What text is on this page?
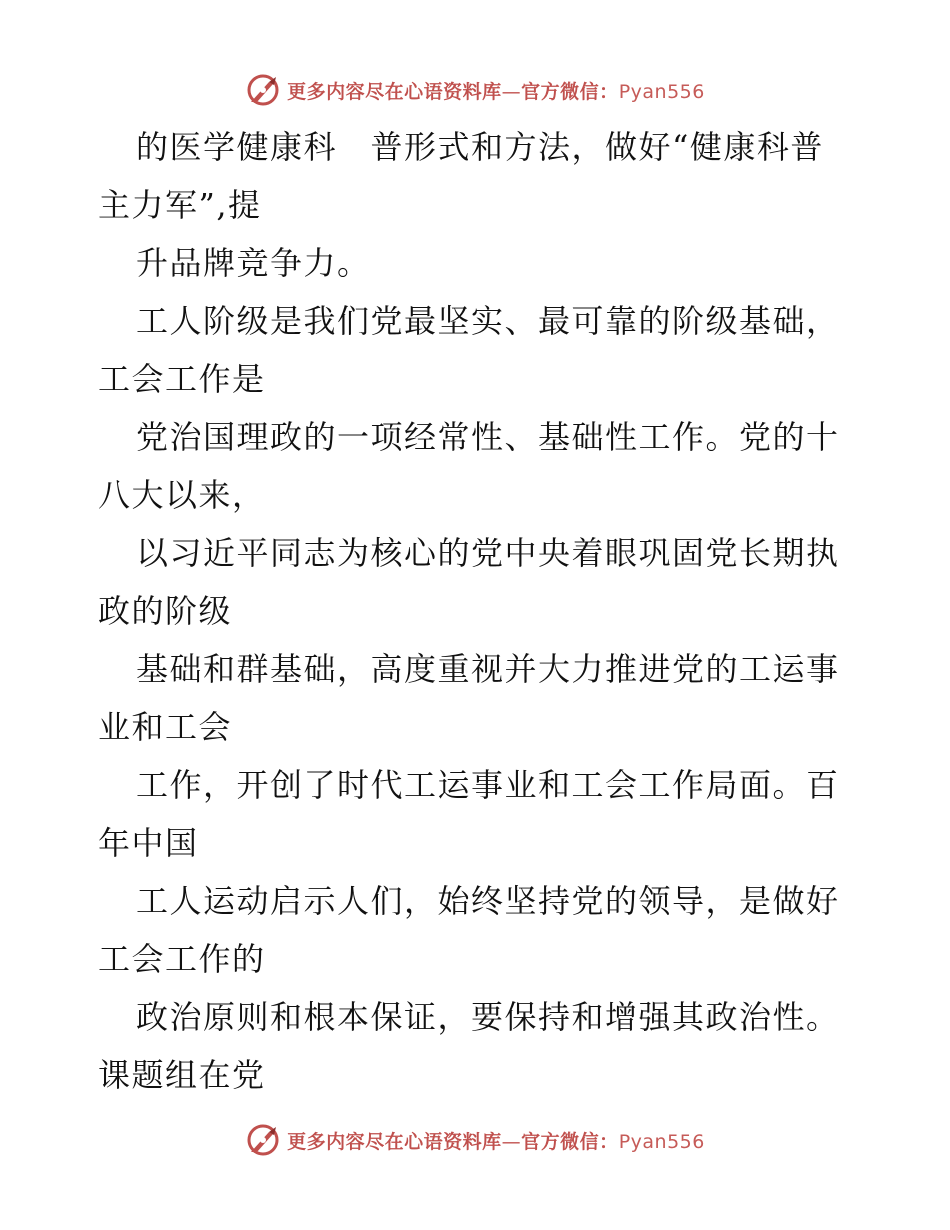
更多内容尽在心语资料库—官方微信：Pyan556
的医学健康科　普形式和方法，做好“健康科普
主力军”,提
升品牌竞争力。
工人阶级是我们党最坚实、最可靠的阶级基础，
工会工作是
党治国理政的一项经常性、基础性工作。党的十
八大以来，
以习近平同志为核心的党中央着眼巩固党长期执
政的阶级
基础和群基础，高度重视并大力推进党的工运事
业和工会
工作，开创了时代工运事业和工会工作局面。百
年中国
工人运动启示人们，始终坚持党的领导，是做好
工会工作的
政治原则和根本保证，要保持和增强其政治性。
课题组在党
更多内容尽在心语资料库—官方微信：Pyan556
